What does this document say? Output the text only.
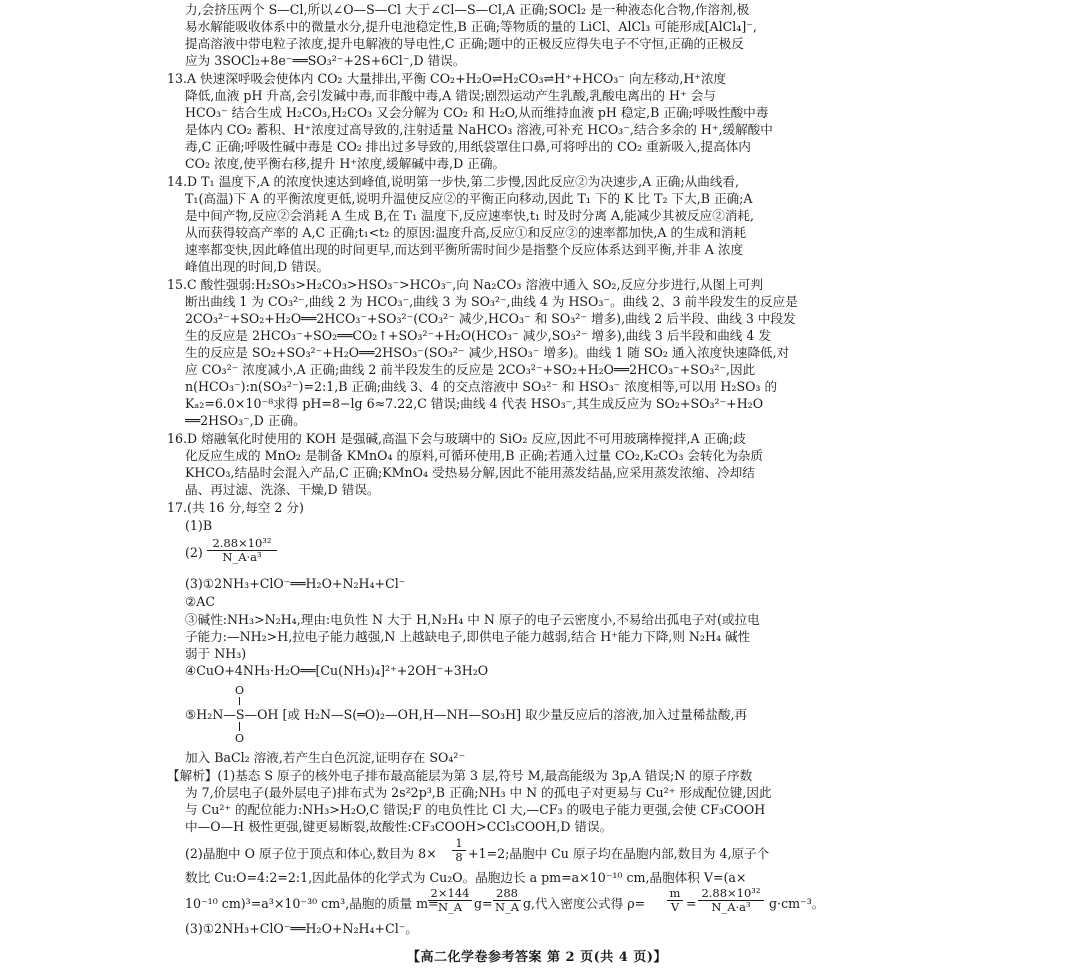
力,会挤压两个 S—Cl,所以∠O—S—Cl 大于∠Cl—S—Cl,A 正确;SOCl₂ 是一种液态化合物,作溶剂,极
易水解能吸收体系中的微量水分,提升电池稳定性,B 正确;等物质的量的 LiCl、AlCl₃ 可能形成[AlCl₄]⁻,
提高溶液中带电粒子浓度,提升电解液的导电性,C 正确;题中的正极反应得失电子不守恒,正确的正极反
应为 3SOCl₂+8e⁻══SO₃²⁻+2S+6Cl⁻,D 错误。
13.A 快速深呼吸会使体内 CO₂ 大量排出,平衡 CO₂+H₂O⇌H₂CO₃⇌H⁺+HCO₃⁻ 向左移动,H⁺浓度
降低,血液 pH 升高,会引发碱中毒,而非酸中毒,A 错误;剧烈运动产生乳酸,乳酸电离出的 H⁺ 会与
HCO₃⁻ 结合生成 H₂CO₃,H₂CO₃ 又会分解为 CO₂ 和 H₂O,从而维持血液 pH 稳定,B 正确;呼吸性酸中毒
是体内 CO₂ 蓄积、H⁺浓度过高导致的,注射适量 NaHCO₃ 溶液,可补充 HCO₃⁻,结合多余的 H⁺,缓解酸中
毒,C 正确;呼吸性碱中毒是 CO₂ 排出过多导致的,用纸袋罩住口鼻,可将呼出的 CO₂ 重新吸入,提高体内
CO₂ 浓度,使平衡右移,提升 H⁺浓度,缓解碱中毒,D 正确。
14.D T₁ 温度下,A 的浓度快速达到峰值,说明第一步快,第二步慢,因此反应②为决速步,A 正确;从曲线看,
T₁(高温)下 A 的平衡浓度更低,说明升温使反应②的平衡正向移动,因此 T₁ 下的 K 比 T₂ 下大,B 正确;A
是中间产物,反应②会消耗 A 生成 B,在 T₁ 温度下,反应速率快,t₁ 时及时分离 A,能减少其被反应②消耗,
从而获得较高产率的 A,C 正确;t₁<t₂ 的原因:温度升高,反应①和反应②的速率都加快,A 的生成和消耗
速率都变快,因此峰值出现的时间更早,而达到平衡所需时间少是指整个反应体系达到平衡,并非 A 浓度
峰值出现的时间,D 错误。
15.C 酸性强弱:H₂SO₃>H₂CO₃>HSO₃⁻>HCO₃⁻,向 Na₂CO₃ 溶液中通入 SO₂,反应分步进行,从图上可判
断出曲线 1 为 CO₃²⁻,曲线 2 为 HCO₃⁻,曲线 3 为 SO₃²⁻,曲线 4 为 HSO₃⁻。曲线 2、3 前半段发生的反应是
2CO₃²⁻+SO₂+H₂O══2HCO₃⁻+SO₃²⁻(CO₃²⁻ 减少,HCO₃⁻ 和 SO₃²⁻ 增多),曲线 2 后半段、曲线 3 中段发
生的反应是 2HCO₃⁻+SO₂══CO₂↑+SO₃²⁻+H₂O(HCO₃⁻ 减少,SO₃²⁻ 增多),曲线 3 后半段和曲线 4 发
生的反应是 SO₂+SO₃²⁻+H₂O══2HSO₃⁻(SO₃²⁻ 减少,HSO₃⁻ 增多)。曲线 1 随 SO₂ 通入浓度快速降低,对
应 CO₃²⁻ 浓度减小,A 正确;曲线 2 前半段发生的反应是 2CO₃²⁻+SO₂+H₂O══2HCO₃⁻+SO₃²⁻,因此
n(HCO₃⁻):n(SO₃²⁻)=2:1,B 正确;曲线 3、4 的交点溶液中 SO₃²⁻ 和 HSO₃⁻ 浓度相等,可以用 H₂SO₃ 的
Kₐ₂=6.0×10⁻⁸求得 pH=8−lg 6≈7.22,C 错误;曲线 4 代表 HSO₃⁻,其生成反应为 SO₂+SO₃²⁻+H₂O
══2HSO₃⁻,D 正确。
16.D 熔融氧化时使用的 KOH 是强碱,高温下会与玻璃中的 SiO₂ 反应,因此不可用玻璃棒搅拌,A 正确;歧
化反应生成的 MnO₂ 是制备 KMnO₄ 的原料,可循环使用,B 正确;若通入过量 CO₂,K₂CO₃ 会转化为杂质
KHCO₃,结晶时会混入产品,C 正确;KMnO₄ 受热易分解,因此不能用蒸发结晶,应采用蒸发浓缩、冷却结
晶、再过滤、洗涤、干燥,D 错误。
17.(共 16 分,每空 2 分)
(1)B
$(2) \frac{\text{2.88×10³²}}{\text{N\_A·a³}}$
(3)①2NH₃+ClO⁻══H₂O+N₂H₄+Cl⁻
②AC
③碱性:NH₃>N₂H₄,理由:电负性 N 大于 H,N₂H₄ 中 N 原子的电子云密度小,不易给出孤电子对(或拉电
子能力:—NH₂>H,拉电子能力越强,N 上越缺电子,即供电子能力越弱,结合 H⁺能力下降,则 N₂H₄ 碱性
弱于 NH₃)
④CuO+4NH₃·H₂O══[Cu(NH₃)₄]²⁺+2OH⁻+3H₂O
O
⑤H₂N—S—OH [或 H₂N—S(═O)₂—OH,H—NH—SO₃H] 取少量反应后的溶液,加入过量稀盐酸,再
O
加入 BaCl₂ 溶液,若产生白色沉淀,证明存在 SO₄²⁻
【解析】(1)基态 S 原子的核外电子排布最高能层为第 3 层,符号 M,最高能级为 3p,A 错误;N 的原子序数
为 7,价层电子(最外层电子)排布式为 2s²2p³,B 正确;NH₃ 中 N 的孤电子对更易与 Cu²⁺ 形成配位键,因此
与 Cu²⁺ 的配位能力:NH₃>H₂O,C 错误;F 的电负性比 Cl 大,—CF₃ 的吸电子能力更强,会使 CF₃COOH
中—O—H 极性更强,键更易断裂,故酸性:CF₃COOH>CCl₃COOH,D 错误。
(2)晶胞中 O 原子位于顶点和体心,数目为 $8\times \frac{1}{8} +1=2$;晶胞中 Cu 原子均在晶胞内部,数目为 4,原子个
数比 Cu:O=4:2=2:1,因此晶体的化学式为 Cu₂O。晶胞边长 a pm=a×10⁻¹⁰ cm,晶胞体积 V=(a×
10⁻¹⁰ cm)³=a³×10⁻³⁰ cm³,晶胞的质量 m=
$\frac{2\times 144}{N\_A} g= \frac{288}{N\_A} g$,代入密度公式得 $\rho= \frac{m}{V} = \frac{\text{2.88×10³²}}{\text{N\_A·a³}} g\cdot cm^{-3}$。
(3)①2NH₃+ClO⁻══H₂O+N₂H₄+Cl⁻。
【高二化学卷参考答案 第 2 页(共 4 页)】
